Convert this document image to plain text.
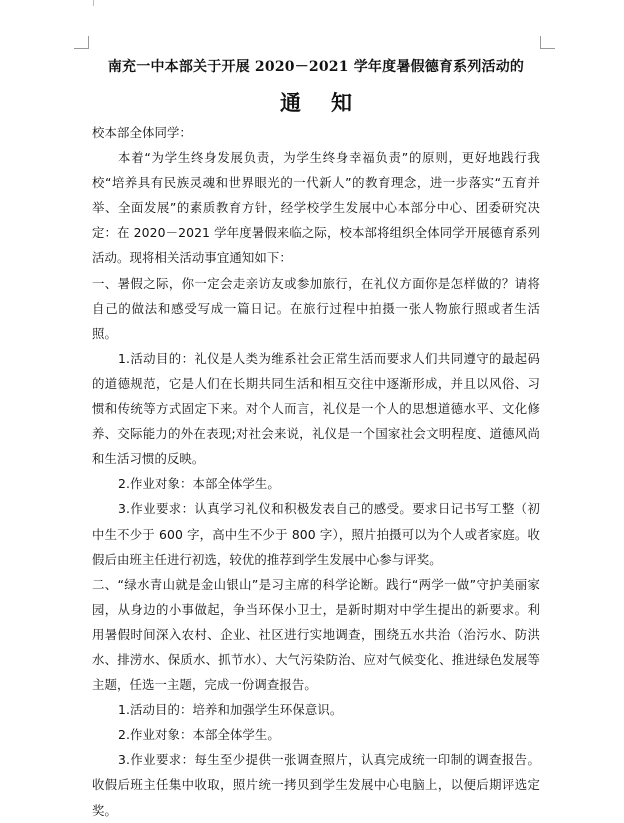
南充一中本部关于开展 2020－2021 学年度暑假德育系列活动的

通知

校本部全体同学：

本着“为学生终身发展负责，为学生终身幸福负责”的原则，更好地践行我校“培养具有民族灵魂和世界眼光的一代新人”的教育理念，进一步落实“五育并举、全面发展”的素质教育方针，经学校学生发展中心本部分中心、团委研究决定：在 2020－2021 学年度暑假来临之际，校本部将组织全体同学开展德育系列活动。现将相关活动事宜通知如下：

一、暑假之际，你一定会走亲访友或参加旅行，在礼仪方面你是怎样做的？请将自己的做法和感受写成一篇日记。在旅行过程中拍摄一张人物旅行照或者生活照。

1.活动目的：礼仪是人类为维系社会正常生活而要求人们共同遵守的最起码的道德规范，它是人们在长期共同生活和相互交往中逐渐形成，并且以风俗、习惯和传统等方式固定下来。对个人而言，礼仪是一个人的思想道德水平、文化修养、交际能力的外在表现;对社会来说，礼仪是一个国家社会文明程度、道德风尚和生活习惯的反映。

2.作业对象：本部全体学生。

3.作业要求：认真学习礼仪和积极发表自己的感受。要求日记书写工整（初中生不少于 600 字，高中生不少于 800 字），照片拍摄可以为个人或者家庭。收假后由班主任进行初选，较优的推荐到学生发展中心参与评奖。

二、“绿水青山就是金山银山”是习主席的科学论断。践行“两学一做”守护美丽家园，从身边的小事做起，争当环保小卫士，是新时期对中学生提出的新要求。利用暑假时间深入农村、企业、社区进行实地调查，围绕五水共治（治污水、防洪水、排涝水、保质水、抓节水）、大气污染防治、应对气候变化、推进绿色发展等主题，任选一主题，完成一份调查报告。

1.活动目的：培养和加强学生环保意识。

2.作业对象：本部全体学生。

3.作业要求：每生至少提供一张调查照片，认真完成统一印制的调查报告。收假后班主任集中收取，照片统一拷贝到学生发展中心电脑上，以便后期评选定奖。
